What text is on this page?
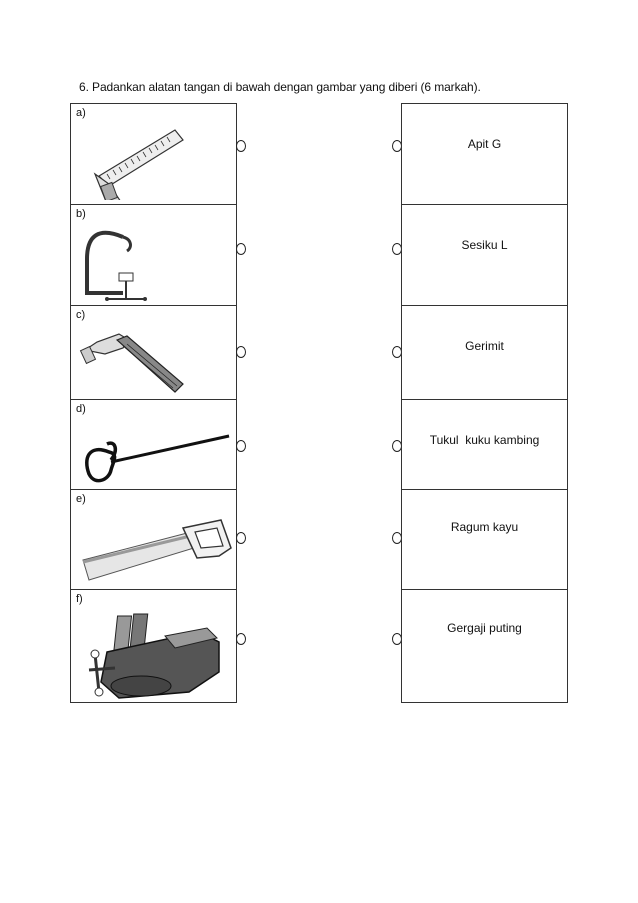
6. Padankan alatan tangan di bawah dengan gambar yang diberi (6 markah).
a)
b)
c)
d)
e)
f)
Apit G
Sesiku L
Gerimit
Tukul  kuku kambing
Ragum kayu
Gergaji puting
